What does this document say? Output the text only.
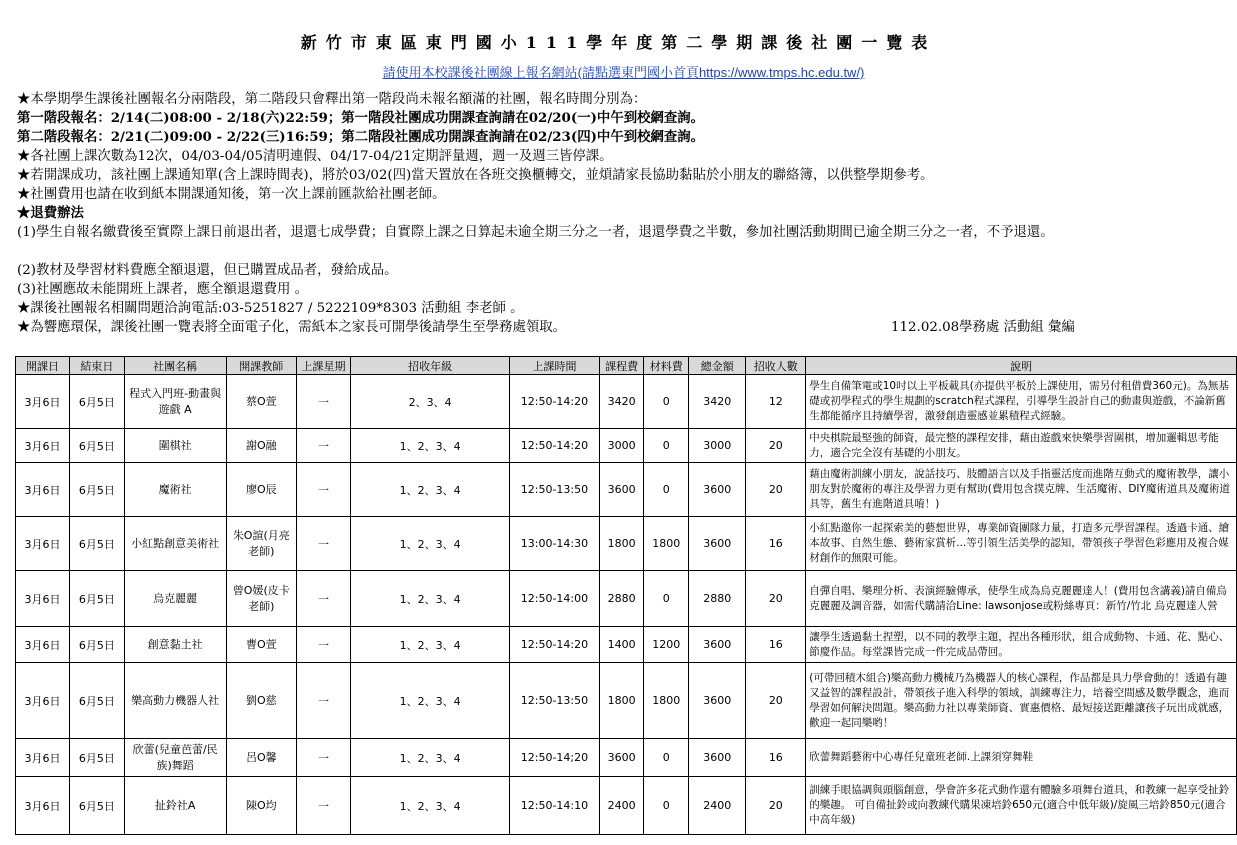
新竹市東區東門國小111學年度第二學期課後社團一覽表
請使用本校課後社團線上報名網站(請點選東門國小首頁https://www.tmps.hc.edu.tw/)
★本學期學生課後社團報名分兩階段，第二階段只會釋出第一階段尚未報名額滿的社團，報名時間分別為：
第一階段報名：2/14(二)08:00 - 2/18(六)22:59；第一階段社團成功開課查詢請在02/20(一)中午到校網查詢。
第二階段報名：2/21(二)09:00 - 2/22(三)16:59；第二階段社團成功開課查詢請在02/23(四)中午到校網查詢。
★各社團上課次數為12次，04/03-04/05清明連假、04/17-04/21定期評量週，週一及週三皆停課。
★若開課成功，該社團上課通知單(含上課時間表)，將於03/02(四)當天置放在各班交換櫃轉交，並煩請家長協助黏貼於小朋友的聯絡簿，以供整學期參考。
★社團費用也請在收到紙本開課通知後，第一次上課前匯款給社團老師。
★退費辦法
(1)學生自報名繳費後至實際上課日前退出者，退還七成學費；自實際上課之日算起未逾全期三分之一者，退還學費之半數，參加社團活動期間已逾全期三分之一者，不予退還。
(2)教材及學習材料費應全額退還，但已購置成品者，發給成品。
(3)社團應故未能開班上課者，應全額退還費用 。
★課後社團報名相關問題洽詢電話:03-5251827 / 5222109*8303 活動組 李老師 。
★為響應環保，課後社團一覽表將全面電子化，需紙本之家長可開學後請學生至學務處領取。	112.02.08學務處 活動組 彙編
開課日	結束日	社團名稱	開課教師	上課星期	招收年級	上課時間	課程費	材料費	總金額	招收人數	說明
3月6日	6月5日	程式入門班-動畫與遊戲 A	蔡O萱	一	2、3、4	12:50-14:20	3420	0	3420	12	學生自備筆電或10吋以上平板載具(亦提供平板於上課使用，需另付租借費360元)。為無基礎或初學程式的學生規劃的scratch程式課程，引導學生設計自己的動畫與遊戲，不論新舊生都能循序且持續學習，激發創造靈感並累積程式經驗。
3月6日	6月5日	圍棋社	謝O融	一	1、2、3、4	12:50-14:20	3000	0	3000	20	中央棋院最堅強的師資，最完整的課程安排，藉由遊戲來快樂學習圍棋，增加邏輯思考能力，適合完全沒有基礎的小朋友。
3月6日	6月5日	魔術社	廖O辰	一	1、2、3、4	12:50-13:50	3600	0	3600	20	藉由魔術訓練小朋友，說話技巧、肢體語言以及手指靈活度而進階互動式的魔術教學，讓小朋友對於魔術的專注及學習力更有幫助(費用包含撲克牌、生活魔術、DIY魔術道具及魔術道具等，舊生有進階道具唷！)
3月6日	6月5日	小紅點創意美術社	朱O諠(月亮老師)	一	1、2、3、4	13:00-14:30	1800	1800	3600	16	小紅點邀你一起探索美的藝想世界，專業師資團隊力量，打造多元學習課程。透過卡通、繪本故事、自然生態、藝術家賞析...等引領生活美學的認知，帶領孩子學習色彩應用及複合媒材創作的無限可能。
3月6日	6月5日	烏克麗麗	曾O媛(皮卡老師)	一	1、2、3、4	12:50-14:00	2880	0	2880	20	自彈自唱、樂理分析、表演經驗傳承，使學生成為烏克麗麗達人！(費用包含講義)請自備烏克麗麗及調音器，如需代購請洽Line: lawsonjose或粉絲專頁：新竹/竹北 烏克麗達人營
3月6日	6月5日	創意黏土社	曹O萱	一	1、2、3、4	12:50-14:20	1400	1200	3600	16	讓學生透過黏土捏塑，以不同的教學主題，捏出各種形狀，組合成動物、卡通、花、點心、節慶作品。每堂課皆完成一件完成品帶回。
3月6日	6月5日	樂高動力機器人社	劉O慈	一	1、2、3、4	12:50-13:50	1800	1800	3600	20	(可帶回積木組合)樂高動力機械乃為機器人的核心課程，作品都是具力學會動的！透過有趣又益智的課程設計，帶領孩子進入科學的領域，訓練專注力，培養空間感及數學觀念，進而學習如何解決問題。樂高動力社以專業師資、實惠價格、最短接送距離讓孩子玩出成就感，歡迎一起同樂哟！
3月6日	6月5日	欣蕾(兒童芭蕾/民族)舞蹈	呂O馨	一	1、2、3、4	12:50-14;20	3600	0	3600	16	欣蕾舞蹈藝術中心專任兒童班老師.上課須穿舞鞋
3月6日	6月5日	扯鈴社A	陳O均	一	1、2、3、4	12:50-14:10	2400	0	2400	20	訓練手眼協調與頭腦創意，學會許多花式動作還有體驗多項舞台道具，和教練一起享受扯鈴的樂趣。 可自備扯鈴或向教練代購果凍培鈴650元(適合中低年級)/旋風三培鈴850元(適合中高年級)
